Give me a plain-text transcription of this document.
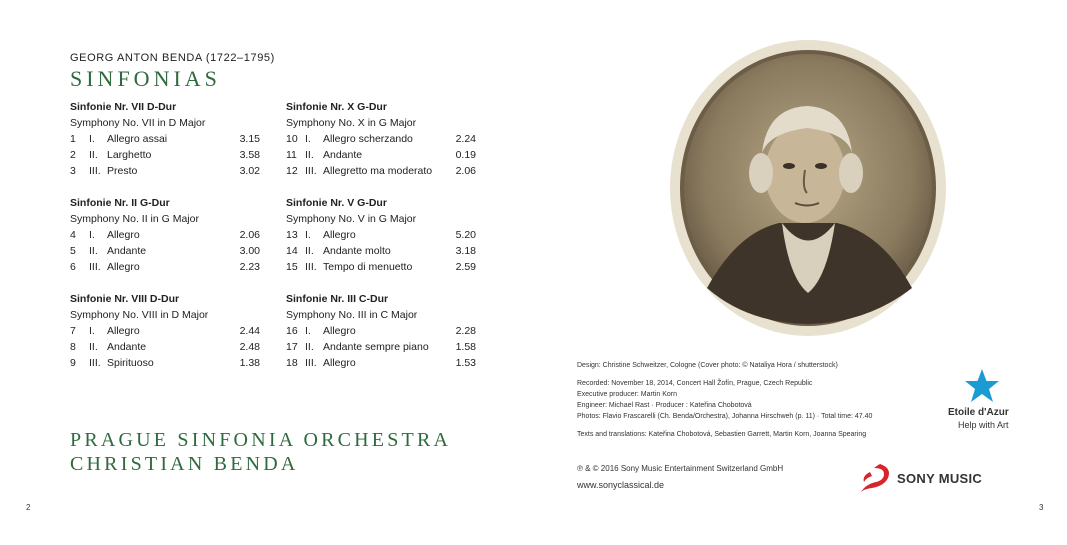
GEORG ANTON BENDA (1722–1795)
SINFONIAS
Sinfonie Nr. VII D-Dur
Symphony No. VII in D Major
1 I. Allegro assai	3.15
2 II. Larghetto	3.58
3 III. Presto	3.02
Sinfonie Nr. II G-Dur
Symphony No. II in G Major
4 I. Allegro	2.06
5 II. Andante	3.00
6 III. Allegro	2.23
Sinfonie Nr. VIII D-Dur
Symphony No. VIII in D Major
7 I. Allegro	2.44
8 II. Andante	2.48
9 III. Spirituoso	1.38
Sinfonie Nr. X G-Dur
Symphony No. X in G Major
10 I. Allegro scherzando	2.24
11 II. Andante	0.19
12 III. Allegretto ma moderato 2.06
Sinfonie Nr. V G-Dur
Symphony No. V in G Major
13 I. Allegro	5.20
14 II. Andante molto	3.18
15 III. Tempo di menuetto	2.59
Sinfonie Nr. III C-Dur
Symphony No. III in C Major
16 I. Allegro	2.28
17 II. Andante sempre piano	1.58
18 III. Allegro	1.53
PRAGUE SINFONIA ORCHESTRA
CHRISTIAN BENDA
2
Design: Christine Schweitzer, Cologne (Cover photo: © Nataliya Hora / shutterstock)
Recorded: November 18, 2014, Concert Hall Žofín, Prague, Czech Republic
Executive producer: Martin Korn
Engineer: Michael Rast · Producer : Kateřina Chobotová
Photos: Flavio Frascarelli (Ch. Benda/Orchestra), Johanna Hirschweh (p. 11) · Total time: 47.40
Texts and translations: Kateřina Chobotová, Sebastien Garrett, Martin Korn, Joanna Spearing
℗ & © 2016 Sony Music Entertainment Switzerland GmbH
www.sonyclassical.de
Etoile d'Azur
Help with Art
SONY MUSIC
3
